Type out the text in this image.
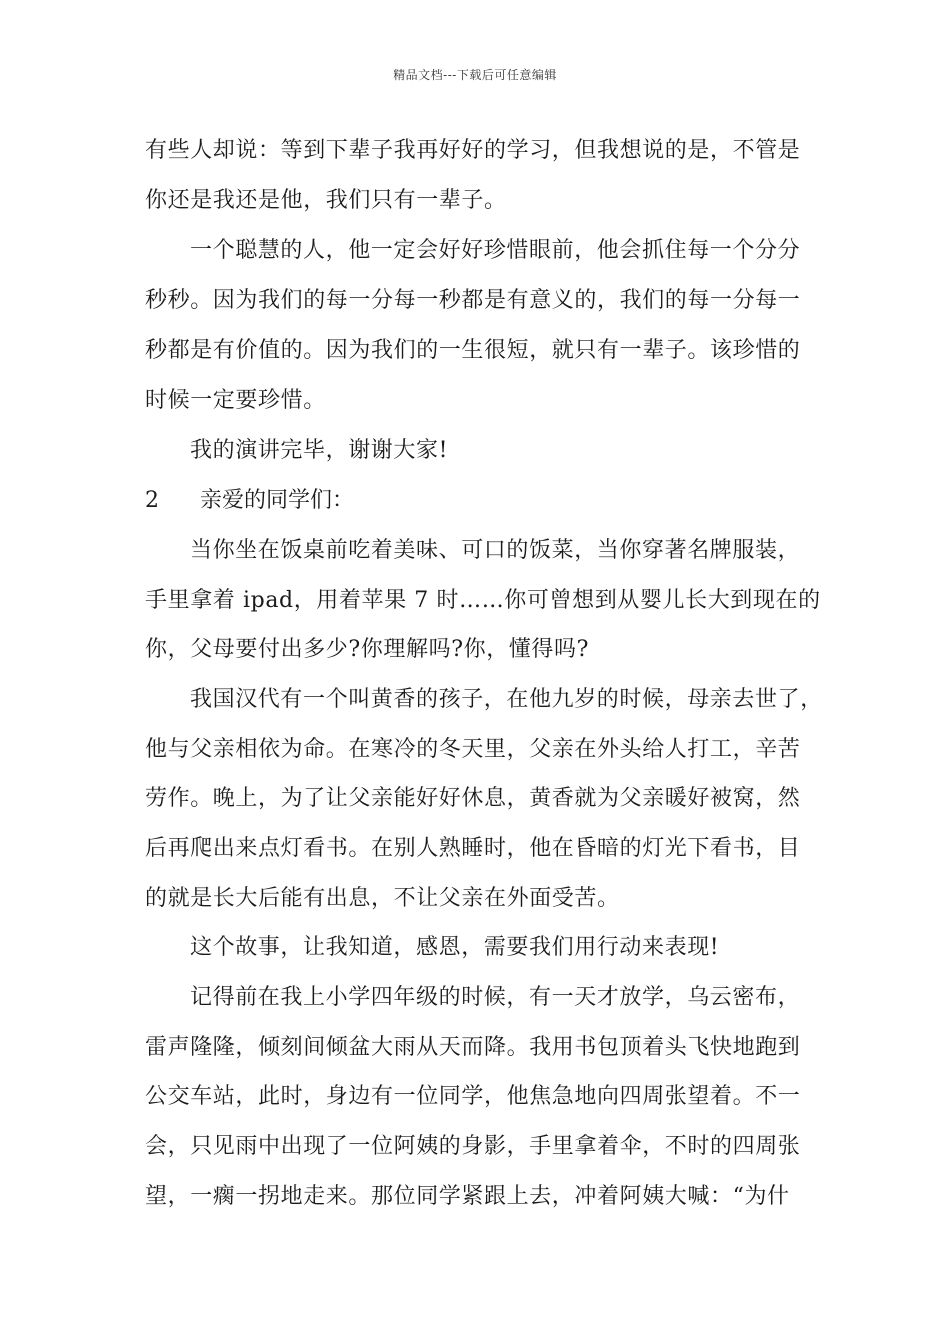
精品文档---下载后可任意编辑
有些人却说：等到下辈子我再好好的学习，但我想说的是，不管是
你还是我还是他，我们只有一辈子。
一个聪慧的人，他一定会好好珍惜眼前，他会抓住每一个分分
秒秒。因为我们的每一分每一秒都是有意义的，我们的每一分每一
秒都是有价值的。因为我们的一生很短，就只有一辈子。该珍惜的
时候一定要珍惜。
我的演讲完毕，谢谢大家!
2 亲爱的同学们：
当你坐在饭桌前吃着美味、可口的饭菜，当你穿著名牌服装，
手里拿着 ipad，用着苹果 7 时……你可曾想到从婴儿长大到现在的
你，父母要付出多少?你理解吗?你，懂得吗?
我国汉代有一个叫黄香的孩子，在他九岁的时候，母亲去世了，
他与父亲相依为命。在寒冷的冬天里，父亲在外头给人打工，辛苦
劳作。晚上，为了让父亲能好好休息，黄香就为父亲暖好被窝，然
后再爬出来点灯看书。在别人熟睡时，他在昏暗的灯光下看书，目
的就是长大后能有出息，不让父亲在外面受苦。
这个故事，让我知道，感恩，需要我们用行动来表现!
记得前在我上小学四年级的时候，有一天才放学，乌云密布，
雷声隆隆，倾刻间倾盆大雨从天而降。我用书包顶着头飞快地跑到
公交车站，此时，身边有一位同学，他焦急地向四周张望着。不一
会，只见雨中出现了一位阿姨的身影，手里拿着伞，不时的四周张
望，一瘸一拐地走来。那位同学紧跟上去，冲着阿姨大喊：“为什
